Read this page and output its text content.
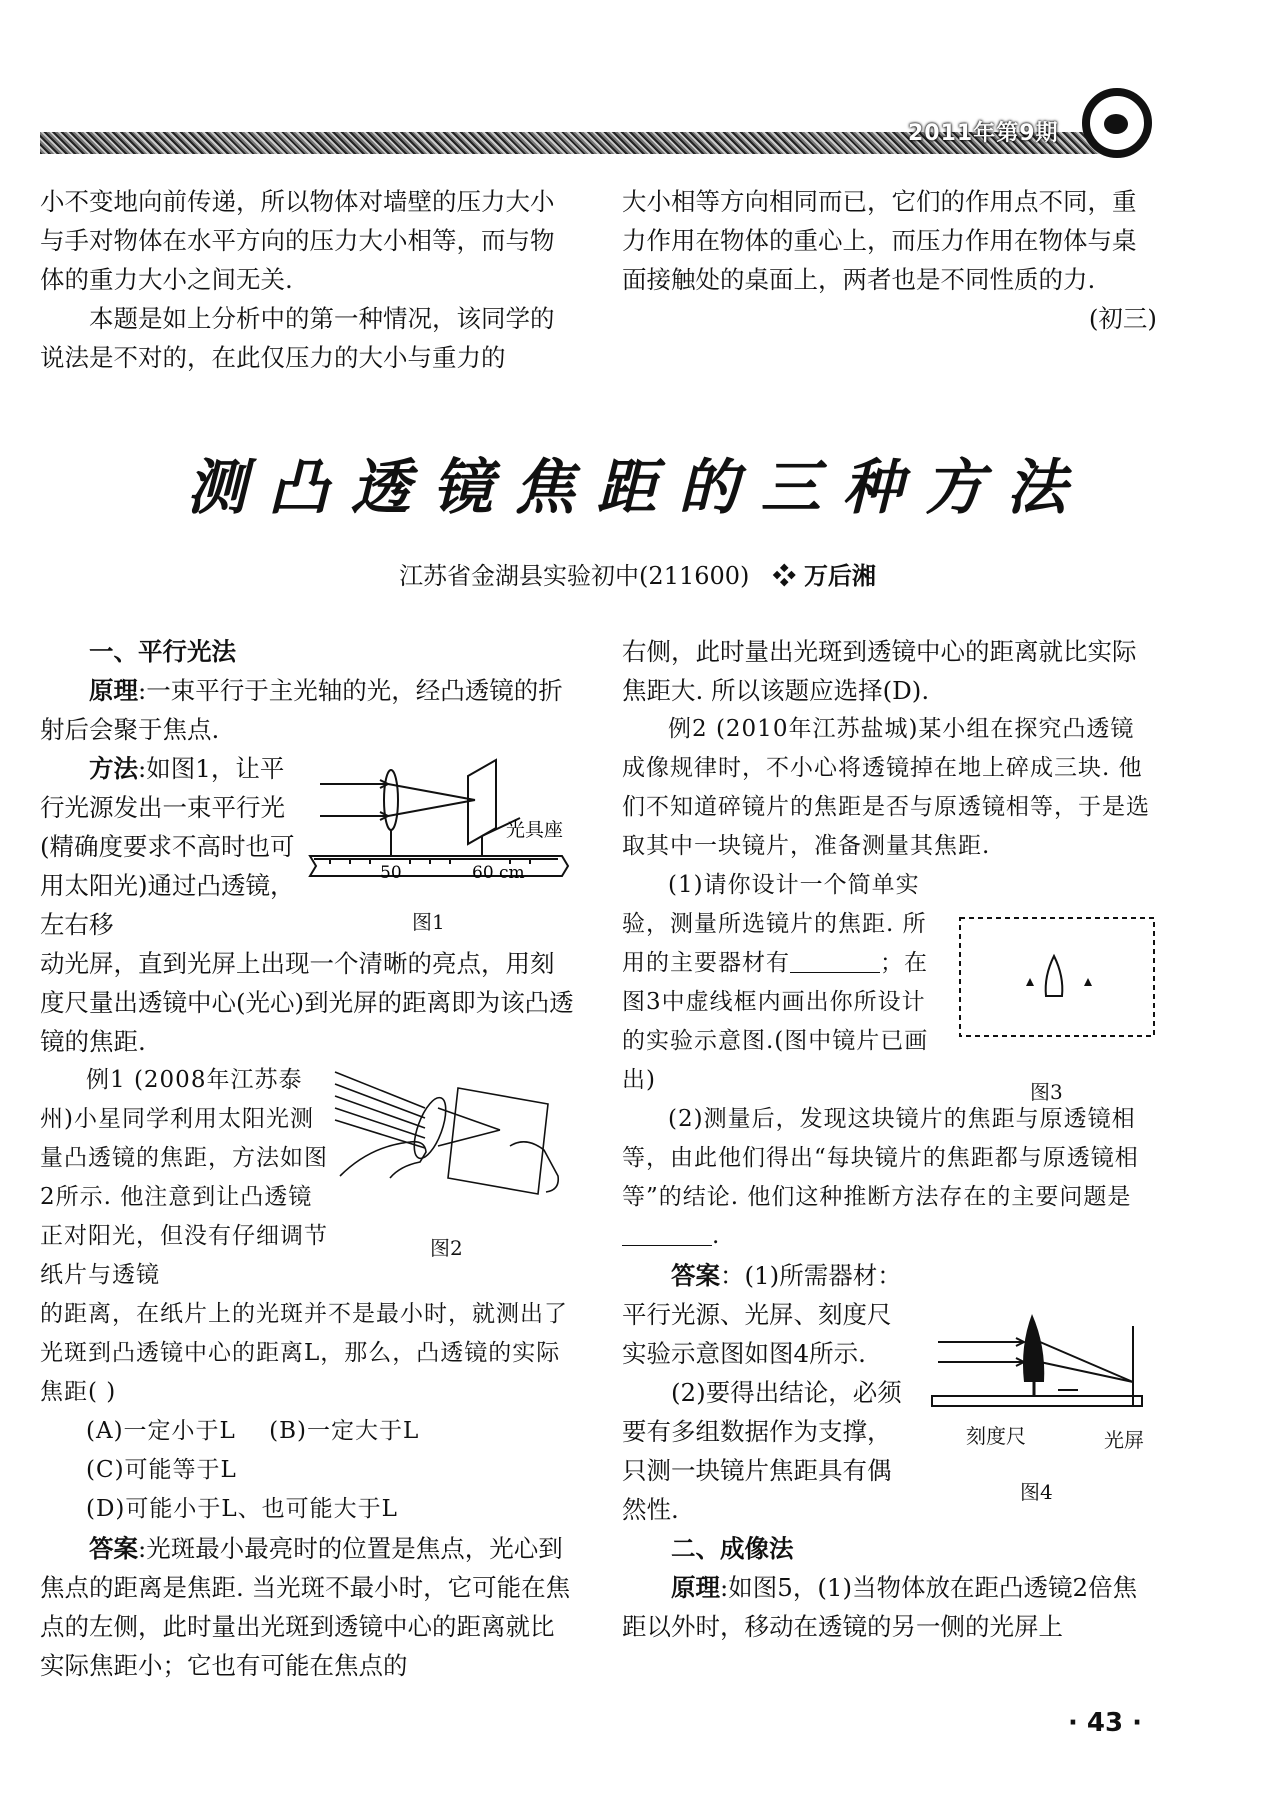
2011年第9期

小不变地向前传递，所以物体对墙壁的压力大小与手对物体在水平方向的压力大小相等，而与物体的重力大小之间无关.

本题是如上分析中的第一种情况，该同学的说法是不对的，在此仅压力的大小与重力的

大小相等方向相同而已，它们的作用点不同，重力作用在物体的重心上，而压力作用在物体与桌面接触处的桌面上，两者也是不同性质的力.

(初三)

测凸透镜焦距的三种方法
江苏省金湖县实验初中(211600) ❖ 万后湘

一、平行光法

原理:一束平行于主光轴的光，经凸透镜的折射后会聚于焦点.

方法:如图1，让平行光源发出一束平行光(精确度要求不高时也可用太阳光)通过凸透镜，左右移

动光屏，直到光屏上出现一个清晰的亮点，用刻度尺量出透镜中心(光心)到光屏的距离即为该凸透镜的焦距.

例1 (2008年江苏泰州)小星同学利用太阳光测量凸透镜的焦距，方法如图2所示. 他注意到让凸透镜正对阳光，但没有仔细调节纸片与透镜

的距离，在纸片上的光斑并不是最小时，就测出了光斑到凸透镜中心的距离L，那么，凸透镜的实际焦距( )

(A)一定小于L (B)一定大于L

(C)可能等于L

(D)可能小于L、也可能大于L

答案:光斑最小最亮时的位置是焦点，光心到焦点的距离是焦距. 当光斑不最小时，它可能在焦点的左侧，此时量出光斑到透镜中心的距离就比实际焦距小；它也有可能在焦点的

50	60 cm
光具座
图1
图2

右侧，此时量出光斑到透镜中心的距离就比实际焦距大. 所以该题应选择(D).

例2 (2010年江苏盐城)某小组在探究凸透镜成像规律时，不小心将透镜掉在地上碎成三块. 他们不知道碎镜片的焦距是否与原透镜相等，于是选取其中一块镜片，准备测量其焦距.

(1)请你设计一个简单实验，测量所选镜片的焦距. 所用的主要器材有	；在图3中虚线框内画出你所设计的实验示意图.(图中镜片已画出)

(2)测量后，发现这块镜片的焦距与原透镜相等，由此他们得出“每块镜片的焦距都与原透镜相等”的结论. 他们这种推断方法存在的主要问题是.

答案：(1)所需器材：平行光源、光屏、刻度尺 实验示意图如图4所示.

(2)要得出结论，必须要有多组数据作为支撑，只测一块镜片焦距具有偶然性.

二、成像法

原理:如图5，(1)当物体放在距凸透镜2倍焦距以外时，移动在透镜的另一侧的光屏上

图3
刻度尺	光屏
图4
· 43 ·
